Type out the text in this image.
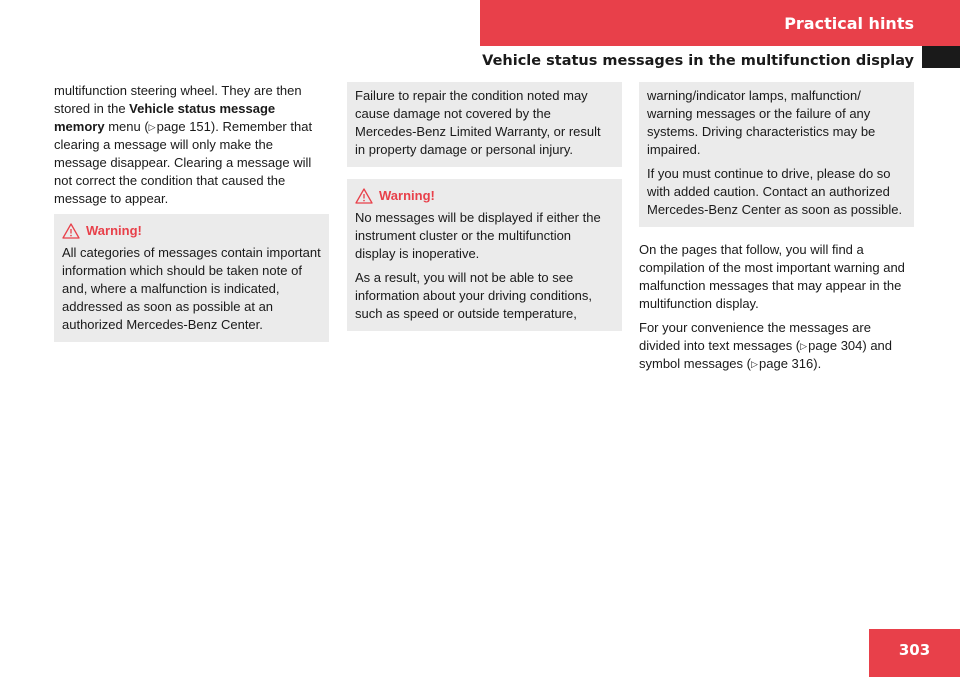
Practical hints
Vehicle status messages in the multifunction display

multifunction steering wheel. They are then stored in the Vehicle status message memory menu (▷ page 151). Remember that clearing a message will only make the message disappear. Clearing a message will not correct the condition that caused the message to appear.

Warning!

All categories of messages contain important information which should be taken note of and, where a malfunction is indicated, addressed as soon as possible at an authorized Mercedes-Benz Center.

Failure to repair the condition noted may cause damage not covered by the Mercedes-Benz Limited Warranty, or result in property damage or personal injury.

Warning!

No messages will be displayed if either the instrument cluster or the multifunction display is inoperative.

As a result, you will not be able to see information about your driving conditions, such as speed or outside temperature,

warning/indicator lamps, malfunction/ warning messages or the failure of any systems. Driving characteristics may be impaired.

If you must continue to drive, please do so with added caution. Contact an authorized Mercedes-Benz Center as soon as possible.

On the pages that follow, you will find a compilation of the most important warning and malfunction messages that may appear in the multifunction display.

For your convenience the messages are divided into text messages (▷ page 304) and symbol messages (▷ page 316).

303
